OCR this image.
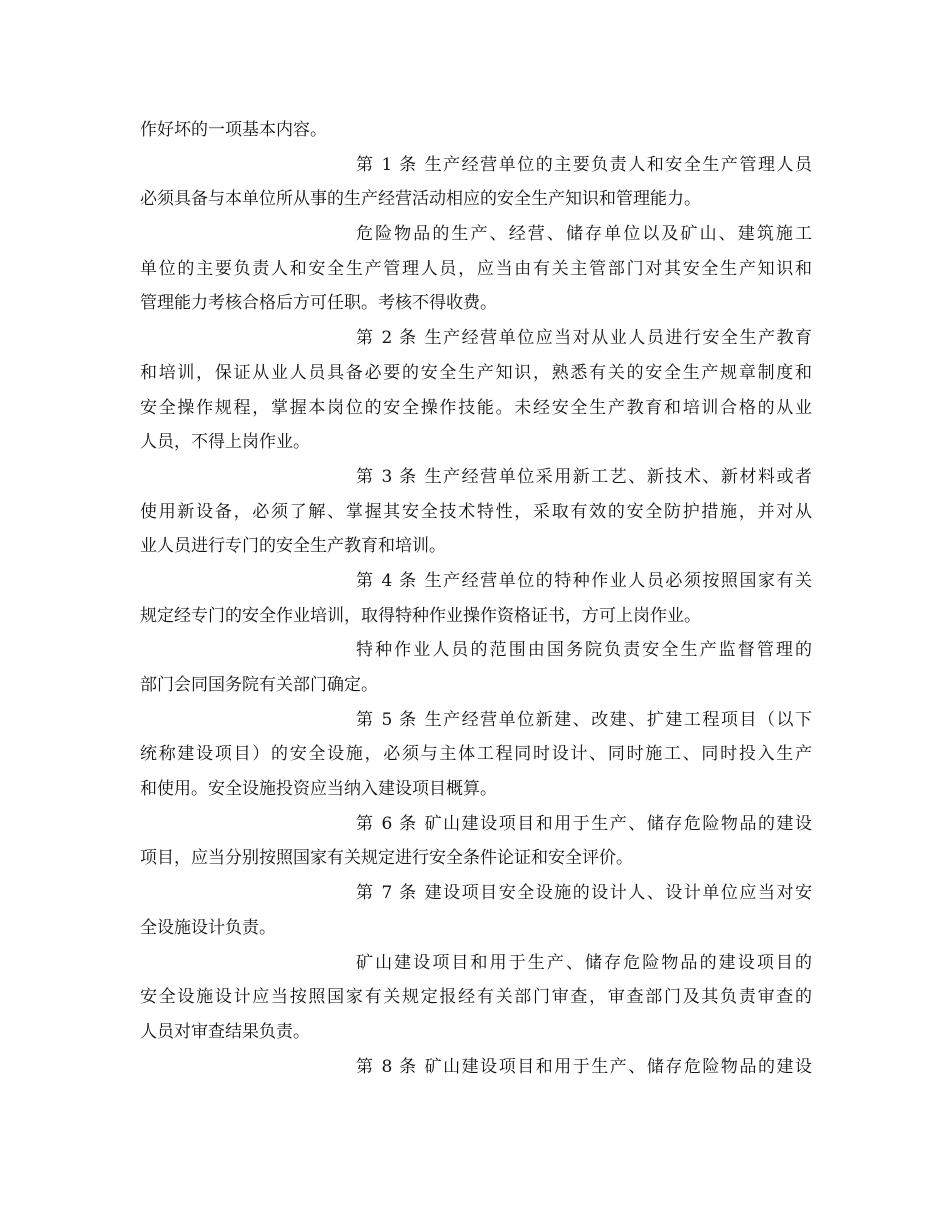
作好坏的一项基本内容。
第 1 条 生产经营单位的主要负责人和安全生产管理人员
必须具备与本单位所从事的生产经营活动相应的安全生产知识和管理能力。
危险物品的生产、经营、储存单位以及矿山、建筑施工
单位的主要负责人和安全生产管理人员，应当由有关主管部门对其安全生产知识和
管理能力考核合格后方可任职。考核不得收费。
第 2 条 生产经营单位应当对从业人员进行安全生产教育
和培训，保证从业人员具备必要的安全生产知识，熟悉有关的安全生产规章制度和
安全操作规程，掌握本岗位的安全操作技能。未经安全生产教育和培训合格的从业
人员，不得上岗作业。
第 3 条 生产经营单位采用新工艺、新技术、新材料或者
使用新设备，必须了解、掌握其安全技术特性，采取有效的安全防护措施，并对从
业人员进行专门的安全生产教育和培训。
第 4 条 生产经营单位的特种作业人员必须按照国家有关
规定经专门的安全作业培训，取得特种作业操作资格证书，方可上岗作业。
特种作业人员的范围由国务院负责安全生产监督管理的
部门会同国务院有关部门确定。
第 5 条 生产经营单位新建、改建、扩建工程项目（以下
统称建设项目）的安全设施，必须与主体工程同时设计、同时施工、同时投入生产
和使用。安全设施投资应当纳入建设项目概算。
第 6 条 矿山建设项目和用于生产、储存危险物品的建设
项目，应当分别按照国家有关规定进行安全条件论证和安全评价。
第 7 条 建设项目安全设施的设计人、设计单位应当对安
全设施设计负责。
矿山建设项目和用于生产、储存危险物品的建设项目的
安全设施设计应当按照国家有关规定报经有关部门审查，审查部门及其负责审查的
人员对审查结果负责。
第 8 条 矿山建设项目和用于生产、储存危险物品的建设
